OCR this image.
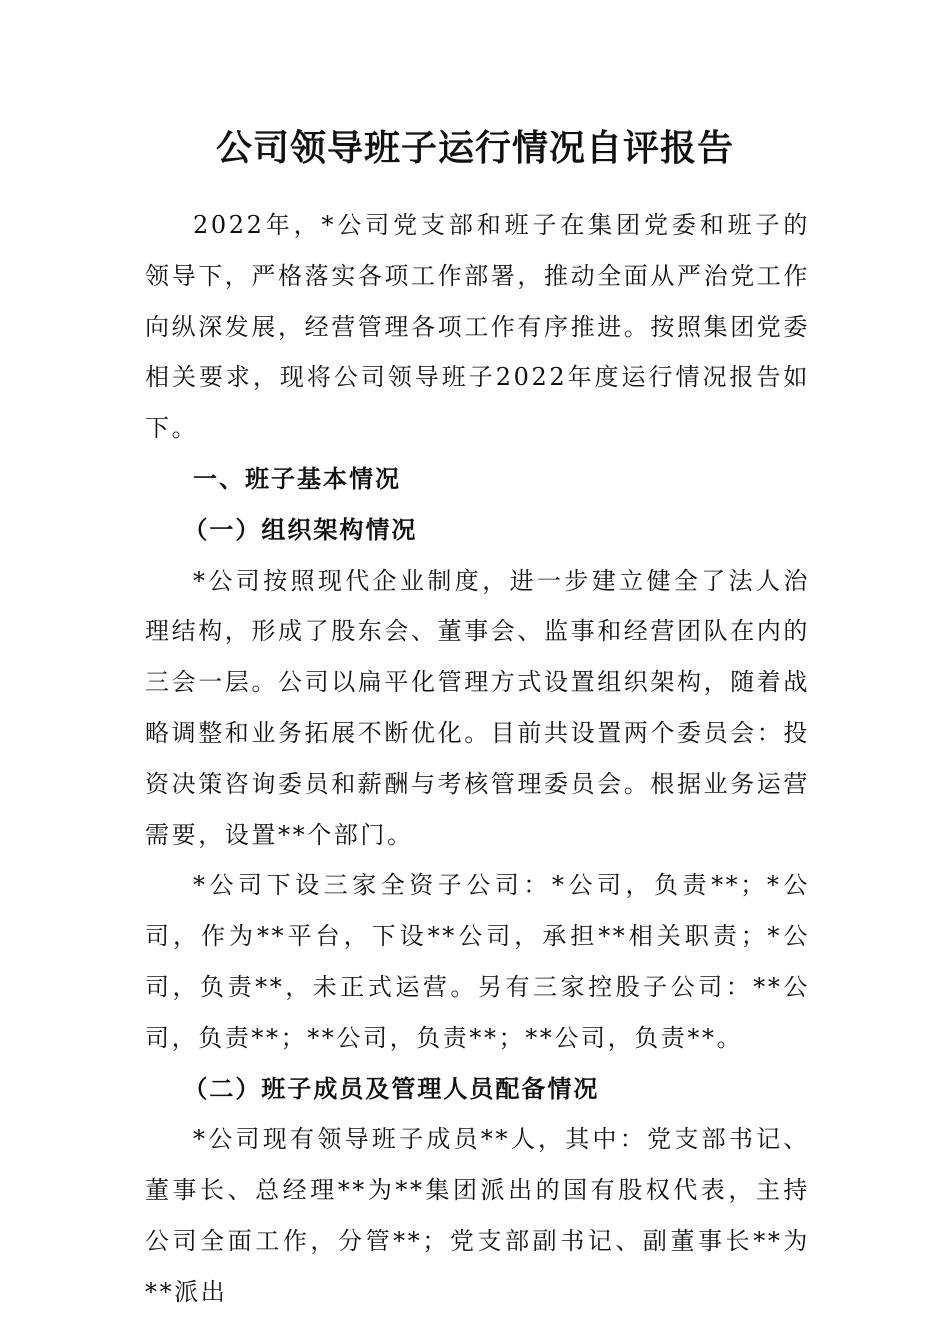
公司领导班子运行情况自评报告

2022年，*公司党支部和班子在集团党委和班子的领导下，严格落实各项工作部署，推动全面从严治党工作向纵深发展，经营管理各项工作有序推进。按照集团党委相关要求，现将公司领导班子2022年度运行情况报告如下。

一、班子基本情况

（一）组织架构情况

*公司按照现代企业制度，进一步建立健全了法人治理结构，形成了股东会、董事会、监事和经营团队在内的三会一层。公司以扁平化管理方式设置组织架构，随着战略调整和业务拓展不断优化。目前共设置两个委员会：投资决策咨询委员和薪酬与考核管理委员会。根据业务运营需要，设置**个部门。

*公司下设三家全资子公司：*公司，负责**；*公司，作为**平台，下设**公司，承担**相关职责；*公司，负责**，未正式运营。另有三家控股子公司：**公司，负责**；**公司，负责**；**公司，负责**。

（二）班子成员及管理人员配备情况

*公司现有领导班子成员**人，其中：党支部书记、董事长、总经理**为**集团派出的国有股权代表，主持公司全面工作，分管**；党支部副书记、副董事长**为**派出
